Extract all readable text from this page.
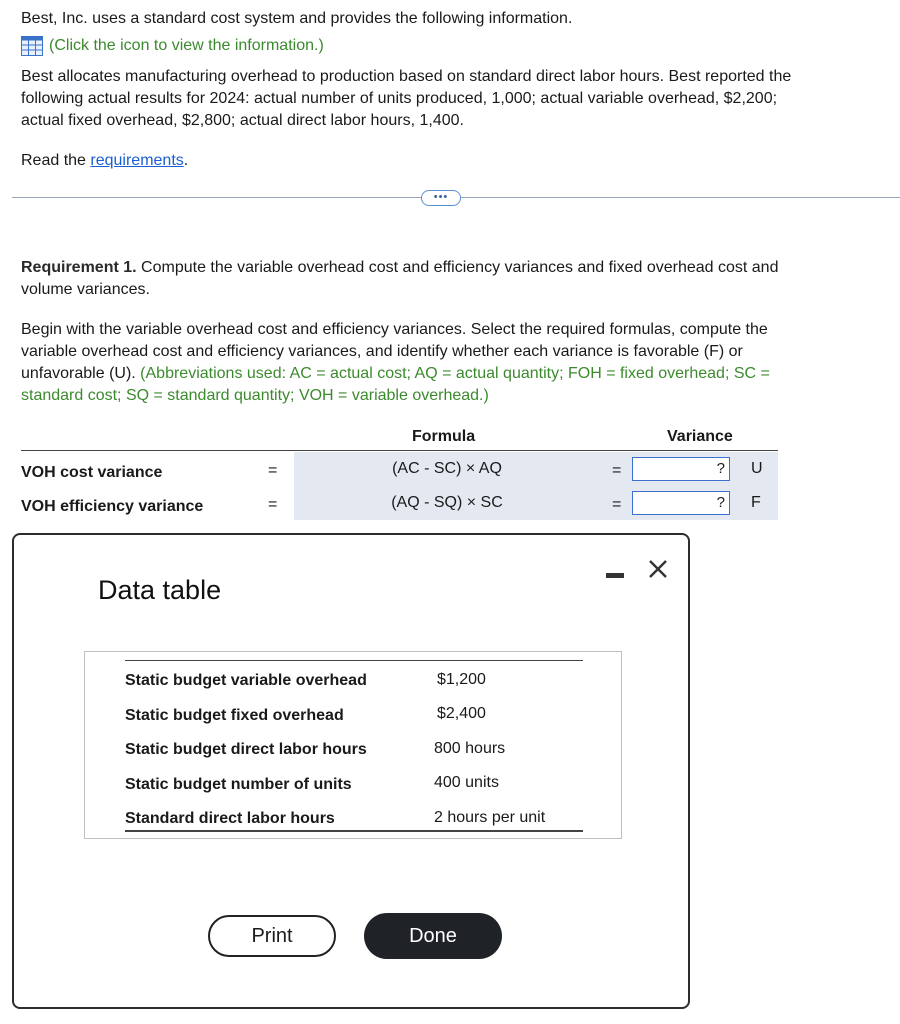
Best, Inc. uses a standard cost system and provides the following information.
(Click the icon to view the information.)
Best allocates manufacturing overhead to production based on standard direct labor hours. Best reported the
following actual results for 2024: actual number of units produced, 1,000; actual variable overhead, $2,200;
actual fixed overhead, $2,800; actual direct labor hours, 1,400.
Read the requirements.
•••
Requirement 1. Compute the variable overhead cost and efficiency variances and fixed overhead cost and
volume variances.
Begin with the variable overhead cost and efficiency variances. Select the required formulas, compute the
variable overhead cost and efficiency variances, and identify whether each variance is favorable (F) or
unfavorable (U). (Abbreviations used: AC = actual cost; AQ = actual quantity; FOH = fixed overhead; SC =
standard cost; SQ = standard quantity; VOH = variable overhead.)
Formula	Variance
VOH cost variance	=	(AC - SC) × AQ	=	?	U
VOH efficiency variance	=	(AQ - SQ) × SC	=	?	F
Data table
Static budget variable overhead	$1,200
Static budget fixed overhead	$2,400
Static budget direct labor hours	800 hours
Static budget number of units	400 units
Standard direct labor hours	2 hours per unit
Print	Done
